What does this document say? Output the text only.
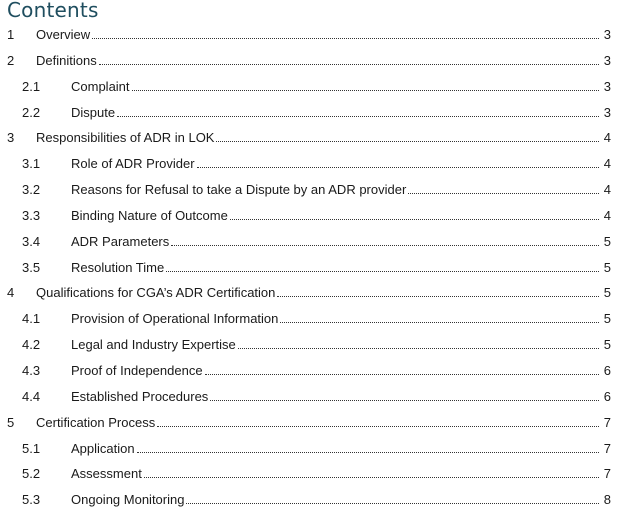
Contents
1 Overview	3
2 Definitions	3
2.1 Complaint	3
2.2 Dispute	3
3 Responsibilities of ADR in LOK	4
3.1 Role of ADR Provider	4
3.2 Reasons for Refusal to take a Dispute by an ADR provider	4
3.3 Binding Nature of Outcome	4
3.4 ADR Parameters	5
3.5 Resolution Time	5
4 Qualifications for CGA’s ADR Certification	5
4.1 Provision of Operational Information	5
4.2 Legal and Industry Expertise	5
4.3 Proof of Independence	6
4.4 Established Procedures	6
5 Certification Process	7
5.1 Application	7
5.2 Assessment	7
5.3 Ongoing Monitoring	8
